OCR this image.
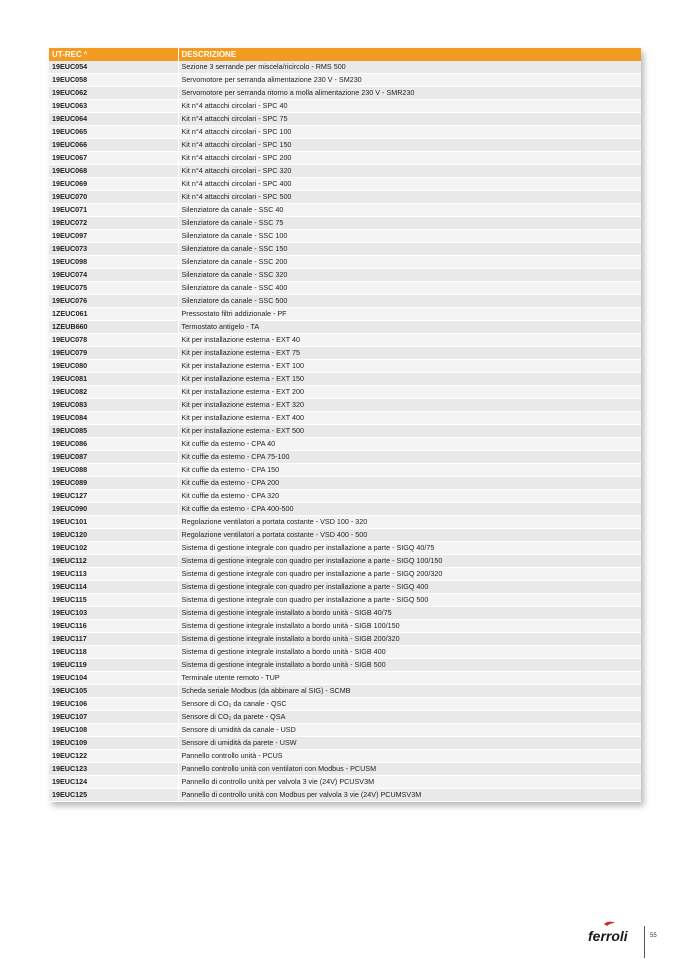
UT-REC ˄	DESCRIZIONE
19EUC054	Sezione 3 serrande per miscela/ricircolo - RMS 500
19EUC058	Servomotore per serranda alimentazione 230 V - SM230
19EUC062	Servomotore per serranda ritorno a molla alimentazione 230 V - SMR230
19EUC063	Kit n°4 attacchi circolari - SPC 40
19EUC064	Kit n°4 attacchi circolari - SPC 75
19EUC065	Kit n°4 attacchi circolari - SPC 100
19EUC066	Kit n°4 attacchi circolari - SPC 150
19EUC067	Kit n°4 attacchi circolari - SPC 200
19EUC068	Kit n°4 attacchi circolari - SPC 320
19EUC069	Kit n°4 attacchi circolari - SPC 400
19EUC070	Kit n°4 attacchi circolari - SPC 500
19EUC071	Silenziatore da canale - SSC 40
19EUC072	Silenziatore da canale - SSC 75
19EUC097	Silenziatore da canale - SSC 100
19EUC073	Silenziatore da canale - SSC 150
19EUC098	Silenziatore da canale - SSC 200
19EUC074	Silenziatore da canale - SSC 320
19EUC075	Silenziatore da canale - SSC 400
19EUC076	Silenziatore da canale - SSC 500
1ZEUC061	Pressostato filtri addizionale - PF
1ZEUB660	Termostato antigelo - TA
19EUC078	Kit per installazione esterna - EXT 40
19EUC079	Kit per installazione esterna - EXT 75
19EUC080	Kit per installazione esterna - EXT 100
19EUC081	Kit per installazione esterna - EXT 150
19EUC082	Kit per installazione esterna - EXT 200
19EUC083	Kit per installazione esterna - EXT 320
19EUC084	Kit per installazione esterna - EXT 400
19EUC085	Kit per installazione esterna - EXT 500
19EUC086	Kit cuffie da esterno - CPA 40
19EUC087	Kit cuffie da esterno - CPA 75-100
19EUC088	Kit cuffie da esterno - CPA 150
19EUC089	Kit cuffie da esterno - CPA 200
19EUC127	Kit cuffie da esterno - CPA 320
19EUC090	Kit cuffie da esterno - CPA 400-500
19EUC101	Regolazione ventilatori a portata costante - VSD 100 - 320
19EUC120	Regolazione ventilatori a portata costante - VSD 400 - 500
19EUC102	Sistema di gestione integrale con quadro per installazione a parte - SIGQ 40/75
19EUC112	Sistema di gestione integrale con quadro per installazione a parte - SIGQ 100/150
19EUC113	Sistema di gestione integrale con quadro per installazione a parte - SIGQ 200/320
19EUC114	Sistema di gestione integrale con quadro per installazione a parte - SIGQ 400
19EUC115	Sistema di gestione integrale con quadro per installazione a parte - SIGQ 500
19EUC103	Sistema di gestione integrale installato a bordo unità - SIGB 40/75
19EUC116	Sistema di gestione integrale installato a bordo unità - SIGB 100/150
19EUC117	Sistema di gestione integrale installato a bordo unità - SIGB 200/320
19EUC118	Sistema di gestione integrale installato a bordo unità - SIGB 400
19EUC119	Sistema di gestione integrale installato a bordo unità - SIGB 500
19EUC104	Terminale utente remoto - TUP
19EUC105	Scheda seriale Modbus (da abbinare al SIG) - SCMB
19EUC106	Sensore di CO₂ da canale - QSC
19EUC107	Sensore di CO₂ da parete - QSA
19EUC108	Sensore di umidità da canale - USD
19EUC109	Sensore di umidità da parete - USW
19EUC122	Pannello controllo unità - PCUS
19EUC123	Pannello controllo unità con ventilatori con Modbus - PCUSM
19EUC124	Pannello di controllo unità per valvola 3 vie (24V) PCUSV3M
19EUC125	Pannello di controllo unità con Modbus per valvola 3 vie (24V) PCUMSV3M
ferroli	55
